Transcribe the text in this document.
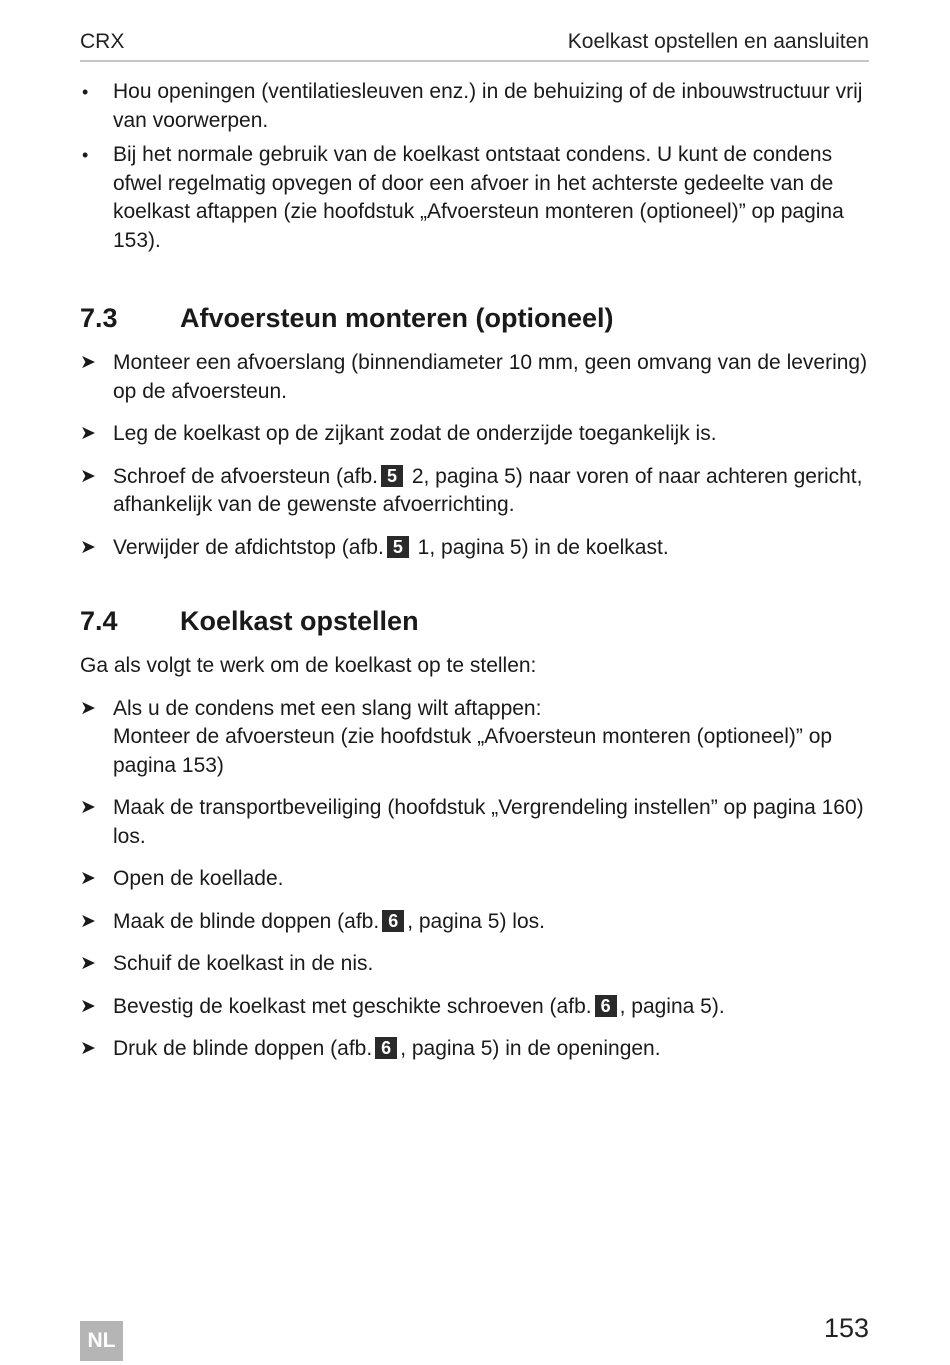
CRX	Koelkast opstellen en aansluiten
• Hou openingen (ventilatiesleuven enz.) in de behuizing of de inbouwstructuur vrij van voorwerpen.
• Bij het normale gebruik van de koelkast ontstaat condens. U kunt de condens ofwel regelmatig opvegen of door een afvoer in het achterste gedeelte van de koelkast aftappen (zie hoofdstuk „Afvoersteun monteren (optioneel)” op pagina 153).
7.3 Afvoersteun monteren (optioneel)
➤ Monteer een afvoerslang (binnendiameter 10 mm, geen omvang van de levering) op de afvoersteun.
➤ Leg de koelkast op de zijkant zodat de onderzijde toegankelijk is.
➤ Schroef de afvoersteun (afb. 5 2, pagina 5) naar voren of naar achteren gericht, afhankelijk van de gewenste afvoerrichting.
➤ Verwijder de afdichtstop (afb. 5 1, pagina 5) in de koelkast.
7.4 Koelkast opstellen
Ga als volgt te werk om de koelkast op te stellen:
➤ Als u de condens met een slang wilt aftappen:
Monteer de afvoersteun (zie hoofdstuk „Afvoersteun monteren (optioneel)” op pagina 153)
➤ Maak de transportbeveiliging (hoofdstuk „Vergrendeling instellen” op pagina 160) los.
➤ Open de koellade.
➤ Maak de blinde doppen (afb. 6 , pagina 5) los.
➤ Schuif de koelkast in de nis.
➤ Bevestig de koelkast met geschikte schroeven (afb. 6 , pagina 5).
➤ Druk de blinde doppen (afb. 6 , pagina 5) in de openingen.
NL	153
